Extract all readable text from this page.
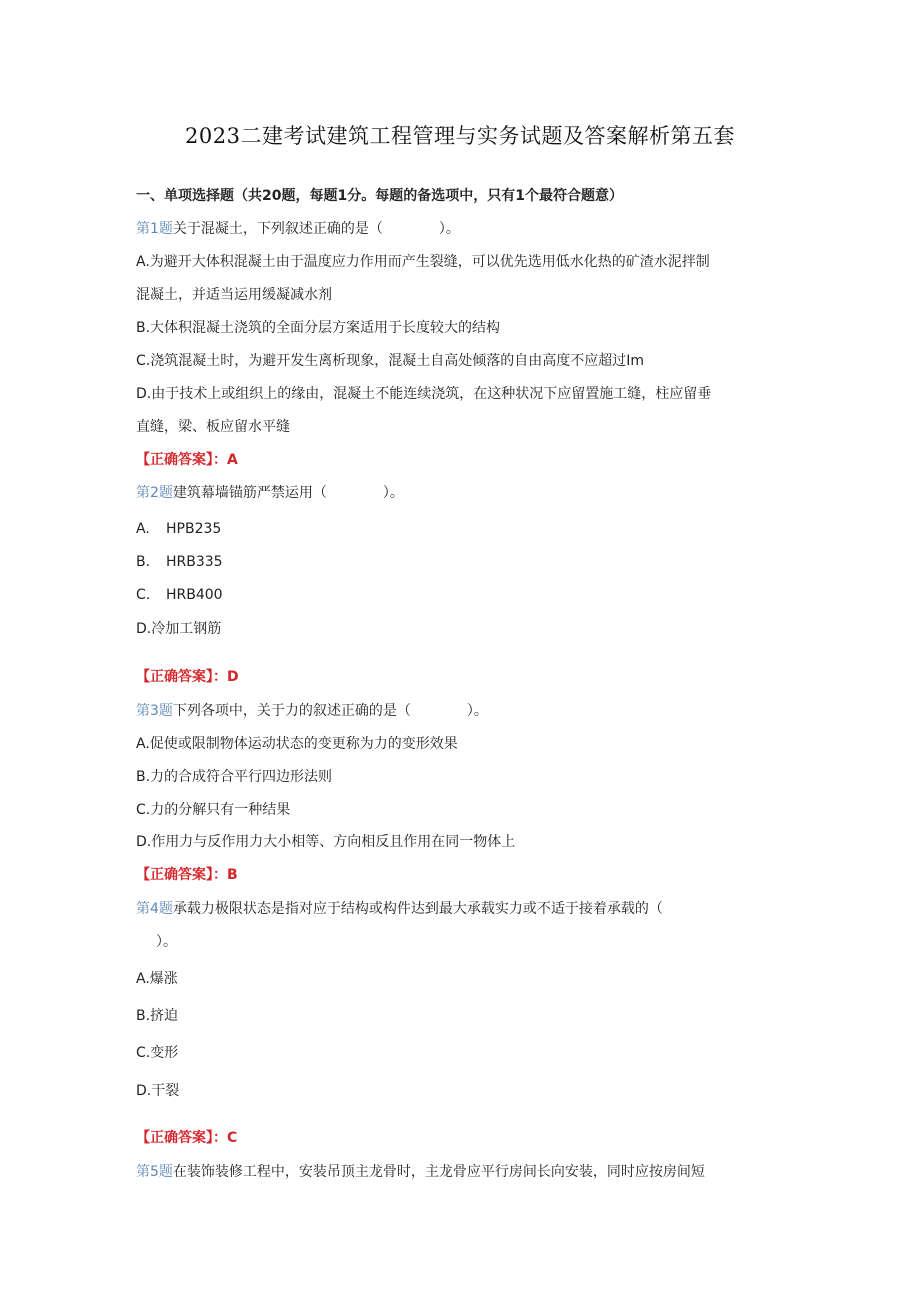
2023二建考试建筑工程管理与实务试题及答案解析第五套
一、单项选择题（共20题，每题1分。每题的备选项中，只有1个最符合题意）
第1题关于混凝土，下列叙述正确的是（　　　　）。
A.为避开大体积混凝土由于温度应力作用而产生裂缝，可以优先选用低水化热的矿渣水泥拌制
混凝土，并适当运用缓凝减水剂
B.大体积混凝土浇筑的全面分层方案适用于长度较大的结构
C.浇筑混凝土时，为避开发生离析现象，混凝土自高处倾落的自由高度不应超过Im
D.由于技术上或组织上的缘由，混凝土不能连续浇筑，在这种状况下应留置施工缝，柱应留垂
直缝，梁、板应留水平缝
【正确答案】：A
第2题建筑幕墙锚筋严禁运用（　　　　）。
A. HPB235
B. HRB335
C. HRB400
D.冷加工钢筋
【正确答案】：D
第3题下列各项中，关于力的叙述正确的是（　　　　）。
A.促使或限制物体运动状态的变更称为力的变形效果
B.力的合成符合平行四边形法则
C.力的分解只有一种结果
D.作用力与反作用力大小相等、方向相反且作用在同一物体上
【正确答案】：B
第4题承载力极限状态是指对应于结构或构件达到最大承载实力或不适于接着承载的（
　）。
A.爆涨
B.挤迫
C.变形
D.干裂
【正确答案】：C
第5题在装饰装修工程中，安装吊顶主龙骨时，主龙骨应平行房间长向安装，同时应按房间短
